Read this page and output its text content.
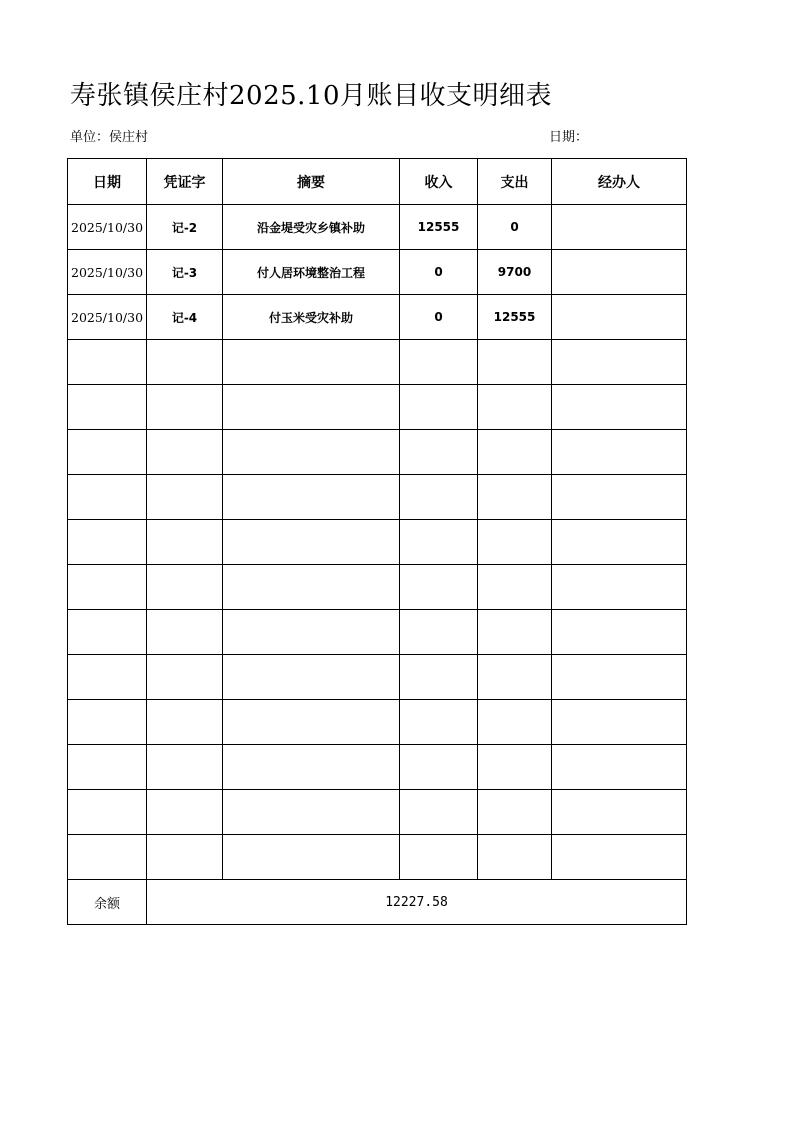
寿张镇侯庄村2025.10月账目收支明细表
单位：侯庄村	日期：
日期	凭证字	摘要	收入	支出	经办人
2025/10/30	记-2	沿金堤受灾乡镇补助	12555	0	
2025/10/30	记-3	付人居环境整治工程	0	9700	
2025/10/30	记-4	付玉米受灾补助	0	12555	

余额	12227.58				
